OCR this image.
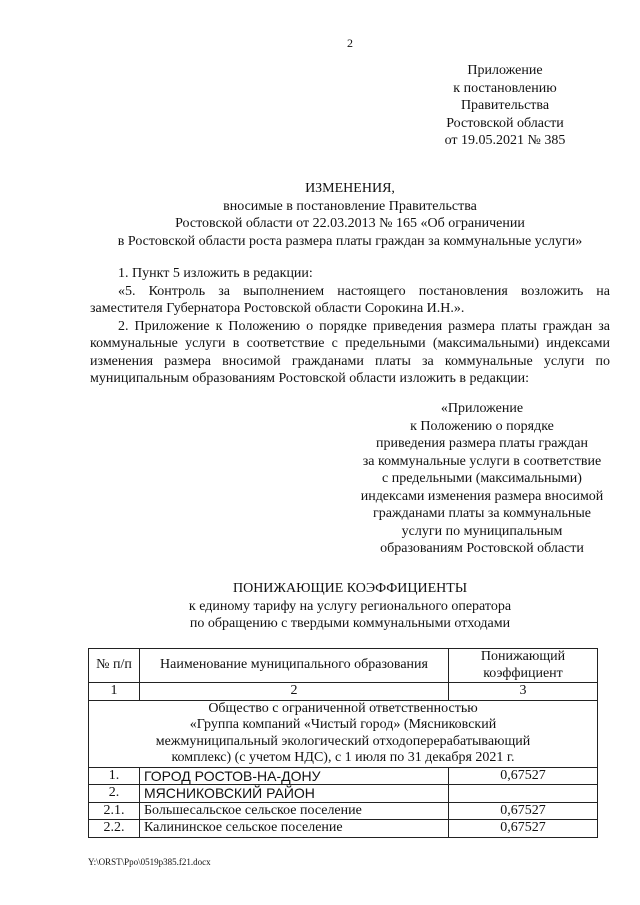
2
Приложение
к постановлению
Правительства
Ростовской области
от 19.05.2021 № 385
ИЗМЕНЕНИЯ,
вносимые в постановление Правительства
Ростовской области от 22.03.2013 № 165 «Об ограничении
в Ростовской области роста размера платы граждан за коммунальные услуги»

1. Пункт 5 изложить в редакции:

«5. Контроль за выполнением настоящего постановления возложить на заместителя Губернатора Ростовской области Сорокина И.Н.».

2. Приложение к Положению о порядке приведения размера платы граждан за коммунальные услуги в соответствие с предельными (максимальными) индексами изменения размера вносимой гражданами платы за коммунальные услуги по муниципальным образованиям Ростовской области изложить в редакции:

«Приложение
к Положению о порядке
приведения размера платы граждан
за коммунальные услуги в соответствие
с предельными (максимальными)
индексами изменения размера вносимой
гражданами платы за коммунальные
услуги по муниципальным
образованиям Ростовской области
ПОНИЖАЮЩИЕ КОЭФФИЦИЕНТЫ
к единому тарифу на услугу регионального оператора
по обращению с твердыми коммунальными отходами
№ п/п	Наименование муниципального образования	Понижающий коэффициент
1	2	3

Общество с ограниченной ответственностью
«Группа компаний «Чистый город» (Мясниковский
межмуниципальный экологический отходоперерабатывающий
комплекс) (с учетом НДС), с 1 июля по 31 декабря 2021 г.		

1.	ГОРОД РОСТОВ-НА-ДОНУ	0,67527
2.	МЯСНИКОВСКИЙ РАЙОН	
2.1.	Большесальское сельское поселение	0,67527
2.2.	Калининское сельское поселение	0,67527
Y:\ORST\Ppo\0519p385.f21.docx
